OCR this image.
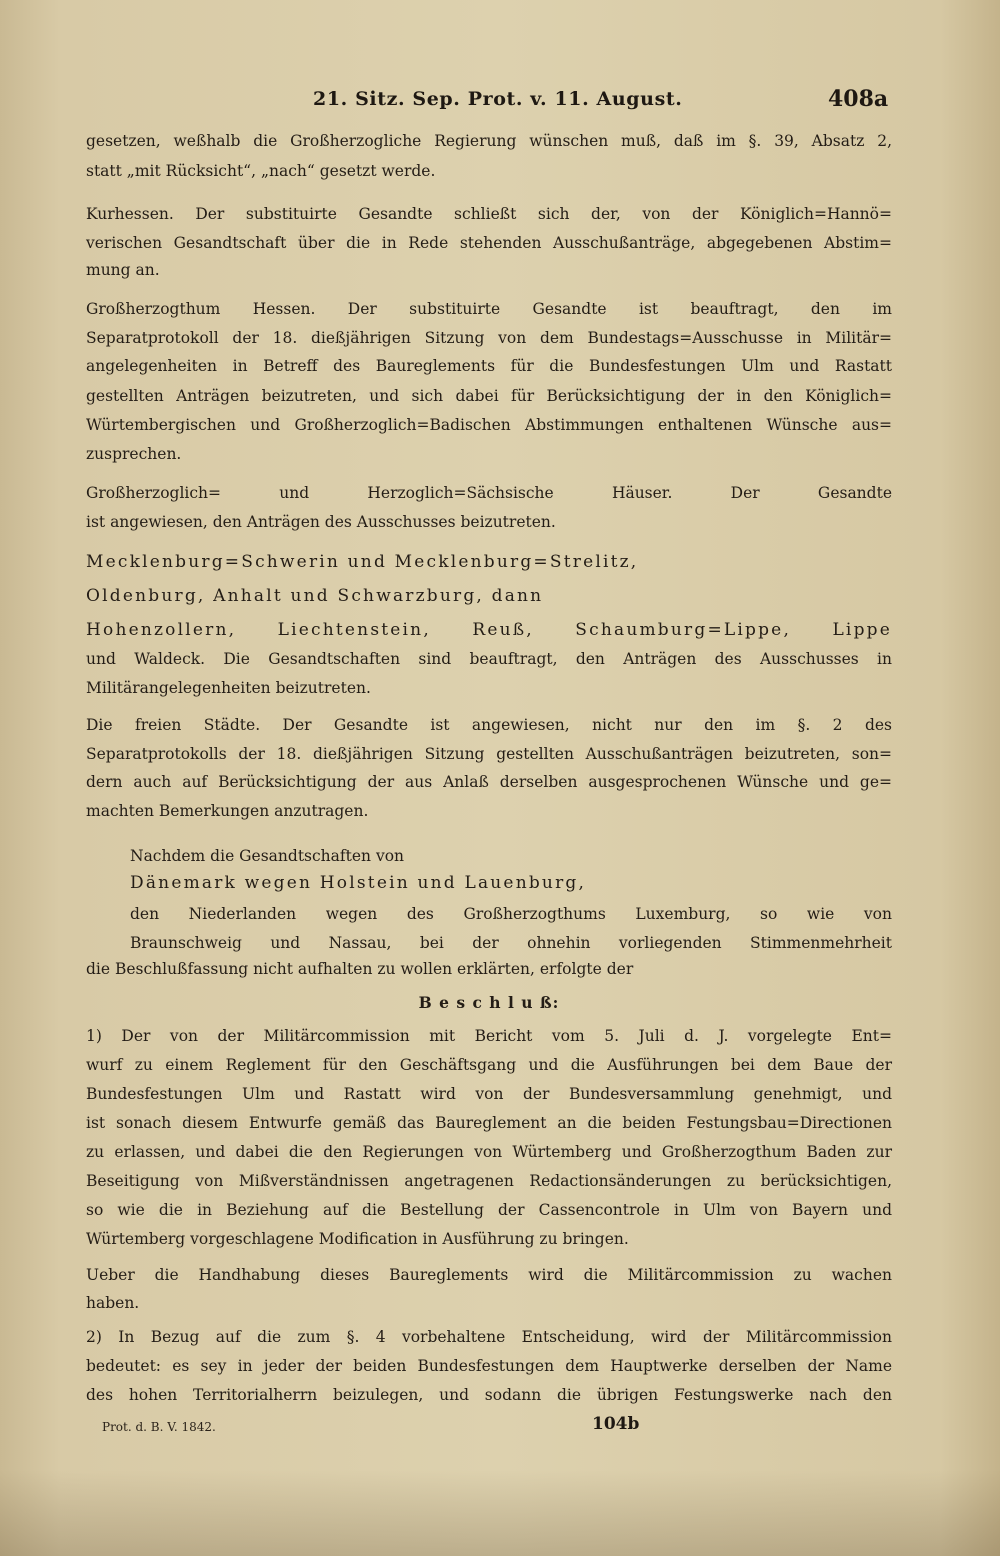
21. Sitz. Sep. Prot. v. 11. August.	408a
gesetzen, weßhalb die Großherzogliche Regierung wünschen muß, daß im §. 39, Absatz 2,
statt „mit Rücksicht“, „nach“ gesetzt werde.
Kurhessen. Der substituirte Gesandte schließt sich der, von der Königlich=Hannö=
verischen Gesandtschaft über die in Rede stehenden Ausschußanträge, abgegebenen Abstim=
mung an.
Großherzogthum Hessen. Der substituirte Gesandte ist beauftragt, den im
Separatprotokoll der 18. dießjährigen Sitzung von dem Bundestags=Ausschusse in Militär=
angelegenheiten in Betreff des Baureglements für die Bundesfestungen Ulm und Rastatt
gestellten Anträgen beizutreten, und sich dabei für Berücksichtigung der in den Königlich=
Würtembergischen und Großherzoglich=Badischen Abstimmungen enthaltenen Wünsche aus=
zusprechen.
Großherzoglich= und Herzoglich=Sächsische Häuser. Der Gesandte
ist angewiesen, den Anträgen des Ausschusses beizutreten.
Mecklenburg=Schwerin und Mecklenburg=Strelitz,
Oldenburg, Anhalt und Schwarzburg, dann
Hohenzollern, Liechtenstein, Reuß, Schaumburg=Lippe, Lippe
und Waldeck. Die Gesandtschaften sind beauftragt, den Anträgen des Ausschusses in
Militärangelegenheiten beizutreten.
Die freien Städte. Der Gesandte ist angewiesen, nicht nur den im §. 2 des
Separatprotokolls der 18. dießjährigen Sitzung gestellten Ausschußanträgen beizutreten, son=
dern auch auf Berücksichtigung der aus Anlaß derselben ausgesprochenen Wünsche und ge=
machten Bemerkungen anzutragen.
Nachdem die Gesandtschaften von
Dänemark wegen Holstein und Lauenburg,
den Niederlanden wegen des Großherzogthums Luxemburg, so wie von
Braunschweig und Nassau, bei der ohnehin vorliegenden Stimmenmehrheit
die Beschlußfassung nicht aufhalten zu wollen erklärten, erfolgte der
B e s c h l u ß:
1) Der von der Militärcommission mit Bericht vom 5. Juli d. J. vorgelegte Ent=
wurf zu einem Reglement für den Geschäftsgang und die Ausführungen bei dem Baue der
Bundesfestungen Ulm und Rastatt wird von der Bundesversammlung genehmigt, und
ist sonach diesem Entwurfe gemäß das Baureglement an die beiden Festungsbau=Directionen
zu erlassen, und dabei die den Regierungen von Würtemberg und Großherzogthum Baden zur
Beseitigung von Mißverständnissen angetragenen Redactionsänderungen zu berücksichtigen,
so wie die in Beziehung auf die Bestellung der Cassencontrole in Ulm von Bayern und
Würtemberg vorgeschlagene Modification in Ausführung zu bringen.
Ueber die Handhabung dieses Baureglements wird die Militärcommission zu wachen
haben.
2) In Bezug auf die zum §. 4 vorbehaltene Entscheidung, wird der Militärcommission
bedeutet: es sey in jeder der beiden Bundesfestungen dem Hauptwerke derselben der Name
des hohen Territorialherrn beizulegen, und sodann die übrigen Festungswerke nach den
Prot. d. B. V. 1842.	104b
